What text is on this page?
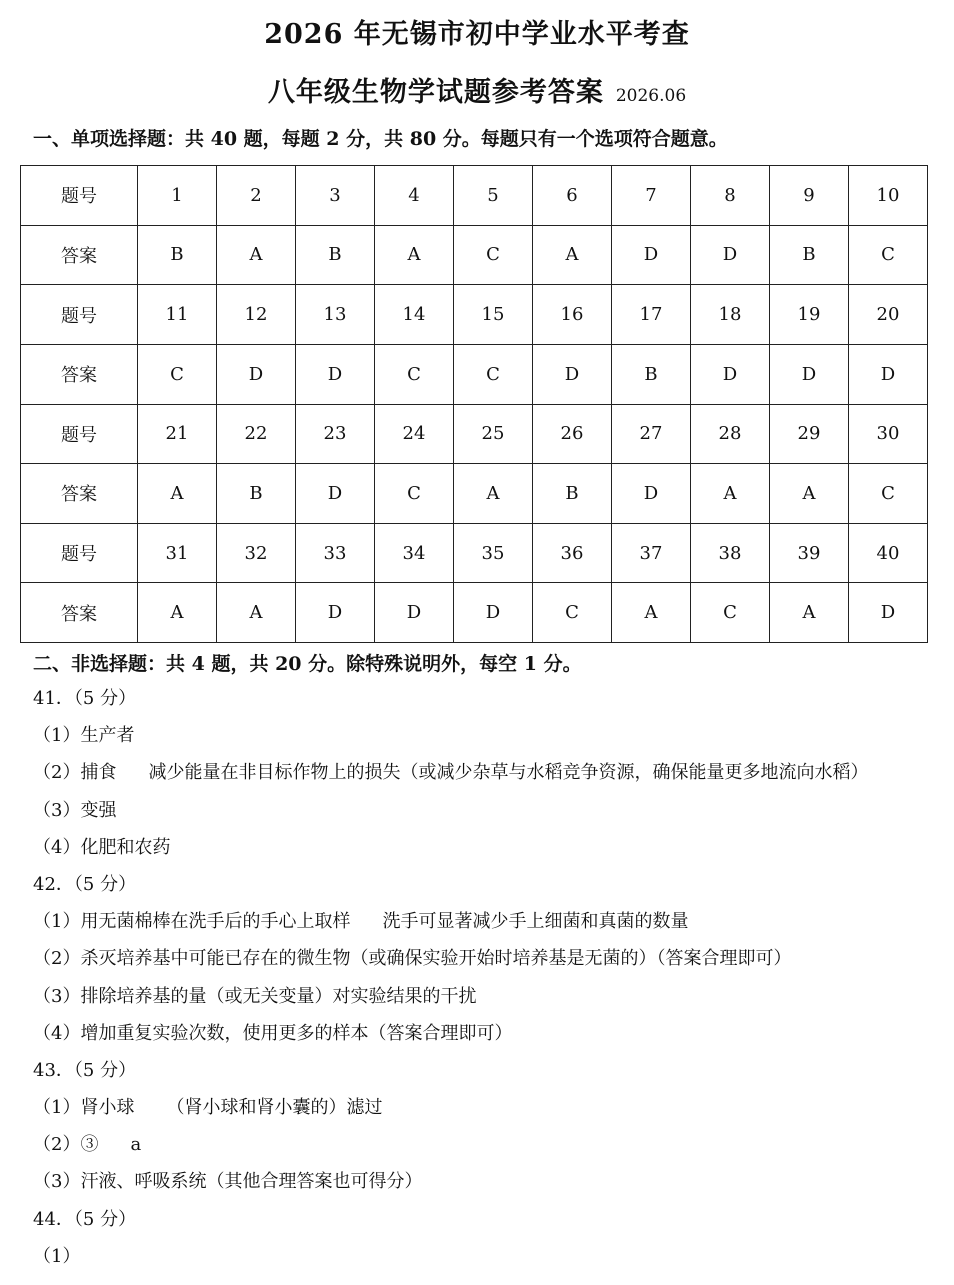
2026 年无锡市初中学业水平考查
八年级生物学试题参考答案 2026.06
一、单项选择题：共 40 题，每题 2 分，共 80 分。每题只有一个选项符合题意。
题号	1	2	3	4	5	6	7	8	9	10
答案	B	A	B	A	C	A	D	D	B	C
题号	11	12	13	14	15	16	17	18	19	20
答案	C	D	D	C	C	D	B	D	D	D
题号	21	22	23	24	25	26	27	28	29	30
答案	A	B	D	C	A	B	D	A	A	C
题号	31	32	33	34	35	36	37	38	39	40
答案	A	A	D	D	D	C	A	C	A	D
二、非选择题：共 4 题，共 20 分。除特殊说明外，每空 1 分。
41．（5 分）
（1）生产者
（2）捕食 减少能量在非目标作物上的损失（或减少杂草与水稻竞争资源，确保能量更多地流向水稻）
（3）变强
（4）化肥和农药
42．（5 分）
（1）用无菌棉棒在洗手后的手心上取样 洗手可显著减少手上细菌和真菌的数量
（2）杀灭培养基中可能已存在的微生物（或确保实验开始时培养基是无菌的）（答案合理即可）
（3）排除培养基的量（或无关变量）对实验结果的干扰
（4）增加重复实验次数，使用更多的样本（答案合理即可）
43．（5 分）
（1）肾小球 （肾小球和肾小囊的）滤过
（2）③ a
（3）汗液、呼吸系统（其他合理答案也可得分）
44．（5 分）
（1）
